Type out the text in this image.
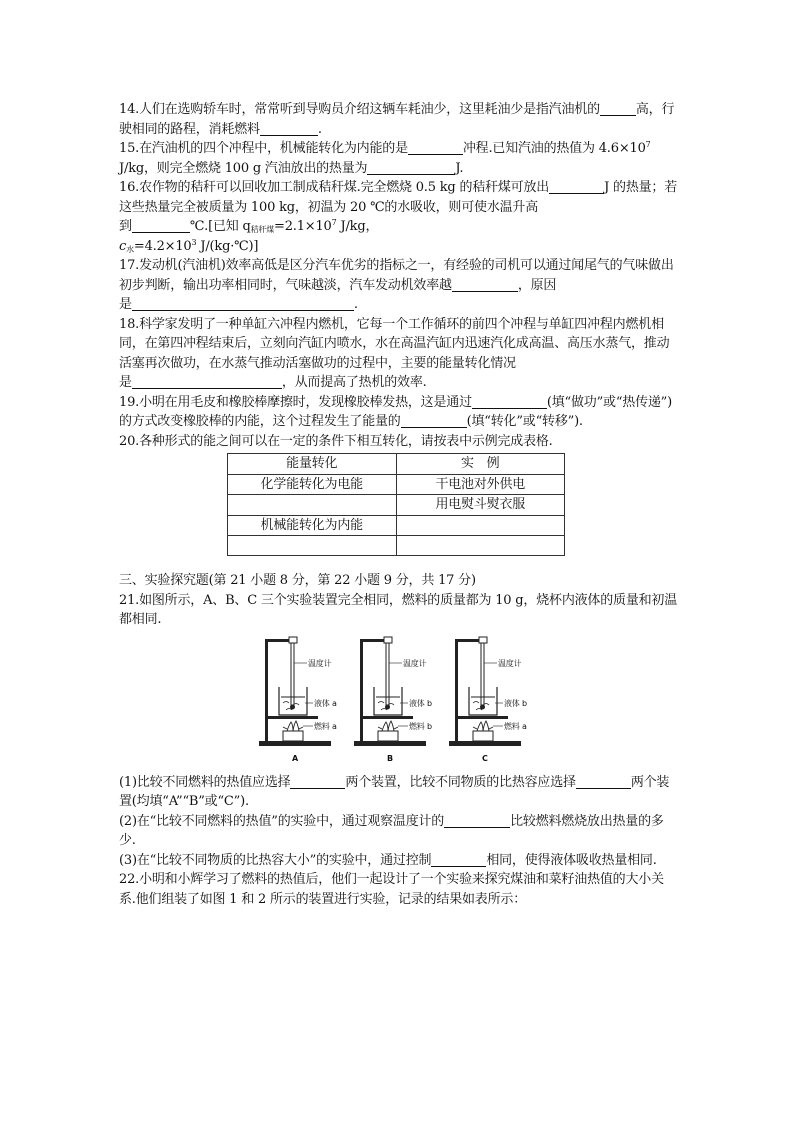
14.人们在选购轿车时，常常听到导购员介绍这辆车耗油少，这里耗油少是指汽油机的	高，行驶相同的路程，消耗燃料	.

15.在汽油机的四个冲程中，机械能转化为内能的是	冲程.已知汽油的热值为 $4.6\times 10^7$
J/kg，则完全燃烧 100 g 汽油放出的热量为	J.

16.农作物的秸秆可以回收加工制成秸秆煤.完全燃烧 0.5 kg 的秸秆煤可放出	J 的热量；若这些热量完全被质量为 100 kg，初温为 20 ℃的水吸收，则可使水温升高
到	℃.[已知 $q_{秸秆煤}=2.1\times 10^7$ J/kg，
$c_水=4.2\times 10^3$ J/(kg·℃)]

17.发动机(汽油机)效率高低是区分汽车优劣的指标之一，有经验的司机可以通过闻尾气的气味做出初步判断，输出功率相同时，气味越淡，汽车发动机效率越	，原因
是	.

18.科学家发明了一种单缸六冲程内燃机，它每一个工作循环的前四个冲程与单缸四冲程内燃机相同，在第四冲程结束后，立刻向汽缸内喷水，水在高温汽缸内迅速汽化成高温、高压水蒸气，推动活塞再次做功，在水蒸气推动活塞做功的过程中，主要的能量转化情况
是	，从而提高了热机的效率.

19.小明在用毛皮和橡胶棒摩擦时，发现橡胶棒发热，这是通过	(填“做功”或“热传递”)的方式改变橡胶棒的内能，这个过程发生了能量的	(填“转化”或“转移”).

20.各种形式的能之间可以在一定的条件下相互转化，请按表中示例完成表格.

能量转化	实　例
化学能转化为电能	干电池对外供电
	用电熨斗熨衣服
机械能转化为内能	

三、实验探究题(第 21 小题 8 分，第 22 小题 9 分，共 17 分)

21.如图所示，A、B、C 三个实验装置完全相同，燃料的质量都为 10 g，烧杯内液体的质量和初温都相同.

温度计
液体 a
燃料 a
A
温度计
液体 b
燃料 b
B
温度计
液体 b
燃料 a
C

(1)比较不同燃料的热值应选择	两个装置，比较不同物质的比热容应选择	两个装置(均填“A”“B”或“C”).

(2)在“比较不同燃料的热值”的实验中，通过观察温度计的	比较燃料燃烧放出热量的多少.

(3)在“比较不同物质的比热容大小”的实验中，通过控制	相同，使得液体吸收热量相同.

22.小明和小辉学习了燃料的热值后，他们一起设计了一个实验来探究煤油和菜籽油热值的大小关系.他们组装了如图 1 和 2 所示的装置进行实验，记录的结果如表所示：
